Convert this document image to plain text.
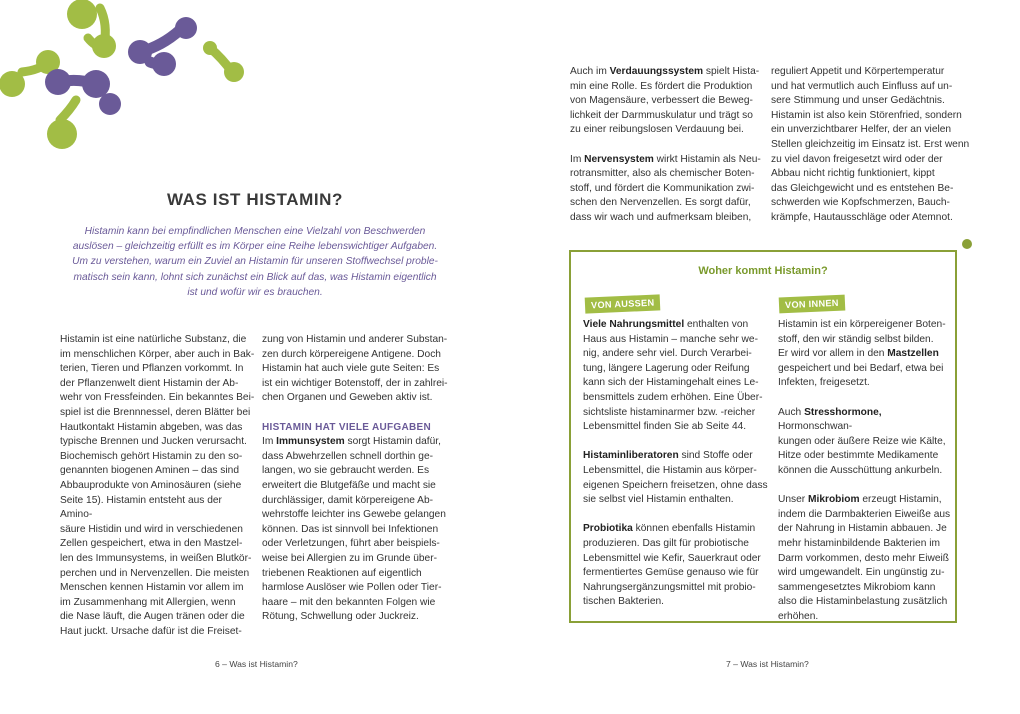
WAS IST HISTAMIN?
Histamin kann bei empfindlichen Menschen eine Vielzahl von Beschwerden
auslösen – gleichzeitig erfüllt es im Körper eine Reihe lebenswichtiger Aufgaben.
Um zu verstehen, warum ein Zuviel an Histamin für unseren Stoffwechsel proble-
matisch sein kann, lohnt sich zunächst ein Blick auf das, was Histamin eigentlich
ist und wofür wir es brauchen.

Histamin ist eine natürliche Substanz, die

im menschlichen Körper, aber auch in Bak-

terien, Tieren und Pflanzen vorkommt. In

der Pflanzenwelt dient Histamin der Ab-

wehr von Fressfeinden. Ein bekanntes Bei-

spiel ist die Brennnessel, deren Blätter bei

Hautkontakt Histamin abgeben, was das

typische Brennen und Jucken verursacht.

Biochemisch gehört Histamin zu den so-

genannten biogenen Aminen – das sind

Abbauprodukte von Aminosäuren (siehe

Seite 15). Histamin entsteht aus der Amino-

säure Histidin und wird in verschiedenen

Zellen gespeichert, etwa in den Mastzel-

len des Immunsystems, in weißen Blutkör-

perchen und in Nervenzellen. Die meisten

Menschen kennen Histamin vor allem im

im Zusammenhang mit Allergien, wenn

die Nase läuft, die Augen tränen oder die

Haut juckt. Ursache dafür ist die Freiset-

zung von Histamin und anderer Substan-

zen durch körpereigene Antigene. Doch

Histamin hat auch viele gute Seiten: Es

ist ein wichtiger Botenstoff, der in zahlrei-

chen Organen und Geweben aktiv ist.

HISTAMIN HAT VIELE AUFGABEN

Im Immunsystem sorgt Histamin dafür,

dass Abwehrzellen schnell dorthin ge-

langen, wo sie gebraucht werden. Es

erweitert die Blutgefäße und macht sie

durchlässiger, damit körpereigene Ab-

wehrstoffe leichter ins Gewebe gelangen

können. Das ist sinnvoll bei Infektionen

oder Verletzungen, führt aber beispiels-

weise bei Allergien zu im Grunde über-

triebenen Reaktionen auf eigentlich

harmlose Auslöser wie Pollen oder Tier-

haare – mit den bekannten Folgen wie

Rötung, Schwellung oder Juckreiz.

6 – Was ist Histamin?

Auch im Verdauungssystem spielt Hista-

min eine Rolle. Es fördert die Produktion

von Magensäure, verbessert die Beweg-

lichkeit der Darmmuskulatur und trägt so

zu einer reibungslosen Verdauung bei.

Im Nervensystem wirkt Histamin als Neu-

rotransmitter, also als chemischer Boten-

stoff, und fördert die Kommunikation zwi-

schen den Nervenzellen. Es sorgt dafür,

dass wir wach und aufmerksam bleiben,

reguliert Appetit und Körpertemperatur

und hat vermutlich auch Einfluss auf un-

sere Stimmung und unser Gedächtnis.

Histamin ist also kein Störenfried, sondern

ein unverzichtbarer Helfer, der an vielen

Stellen gleichzeitig im Einsatz ist. Erst wenn

zu viel davon freigesetzt wird oder der

Abbau nicht richtig funktioniert, kippt

das Gleichgewicht und es entstehen Be-

schwerden wie Kopfschmerzen, Bauch-

krämpfe, Hautausschläge oder Atemnot.

Woher kommt Histamin?
VON AUSSEN	VON INNEN

Viele Nahrungsmittel enthalten von

Haus aus Histamin – manche sehr we-

nig, andere sehr viel. Durch Verarbei-

tung, längere Lagerung oder Reifung

kann sich der Histamingehalt eines Le-

bensmittels zudem erhöhen. Eine Über-

sichtsliste histaminarmer bzw. -reicher

Lebensmittel finden Sie ab Seite 44.

Histaminliberatoren sind Stoffe oder

Lebensmittel, die Histamin aus körper-

eigenen Speichern freisetzen, ohne dass

sie selbst viel Histamin enthalten.

Probiotika können ebenfalls Histamin

produzieren. Das gilt für probiotische

Lebensmittel wie Kefir, Sauerkraut oder

fermentiertes Gemüse genauso wie für

Nahrungsergänzungsmittel mit probio-

tischen Bakterien.

Histamin ist ein körpereigener Boten-

stoff, den wir ständig selbst bilden.

Er wird vor allem in den Mastzellen

gespeichert und bei Bedarf, etwa bei

Infekten, freigesetzt.

Auch Stresshormone, Hormonschwan-

kungen oder äußere Reize wie Kälte,

Hitze oder bestimmte Medikamente

können die Ausschüttung ankurbeln.

Unser Mikrobiom erzeugt Histamin,

indem die Darmbakterien Eiweiße aus

der Nahrung in Histamin abbauen. Je

mehr histaminbildende Bakterien im

Darm vorkommen, desto mehr Eiweiß

wird umgewandelt. Ein ungünstig zu-

sammengesetztes Mikrobiom kann

also die Histaminbelastung zusätzlich

erhöhen.

7 – Was ist Histamin?
